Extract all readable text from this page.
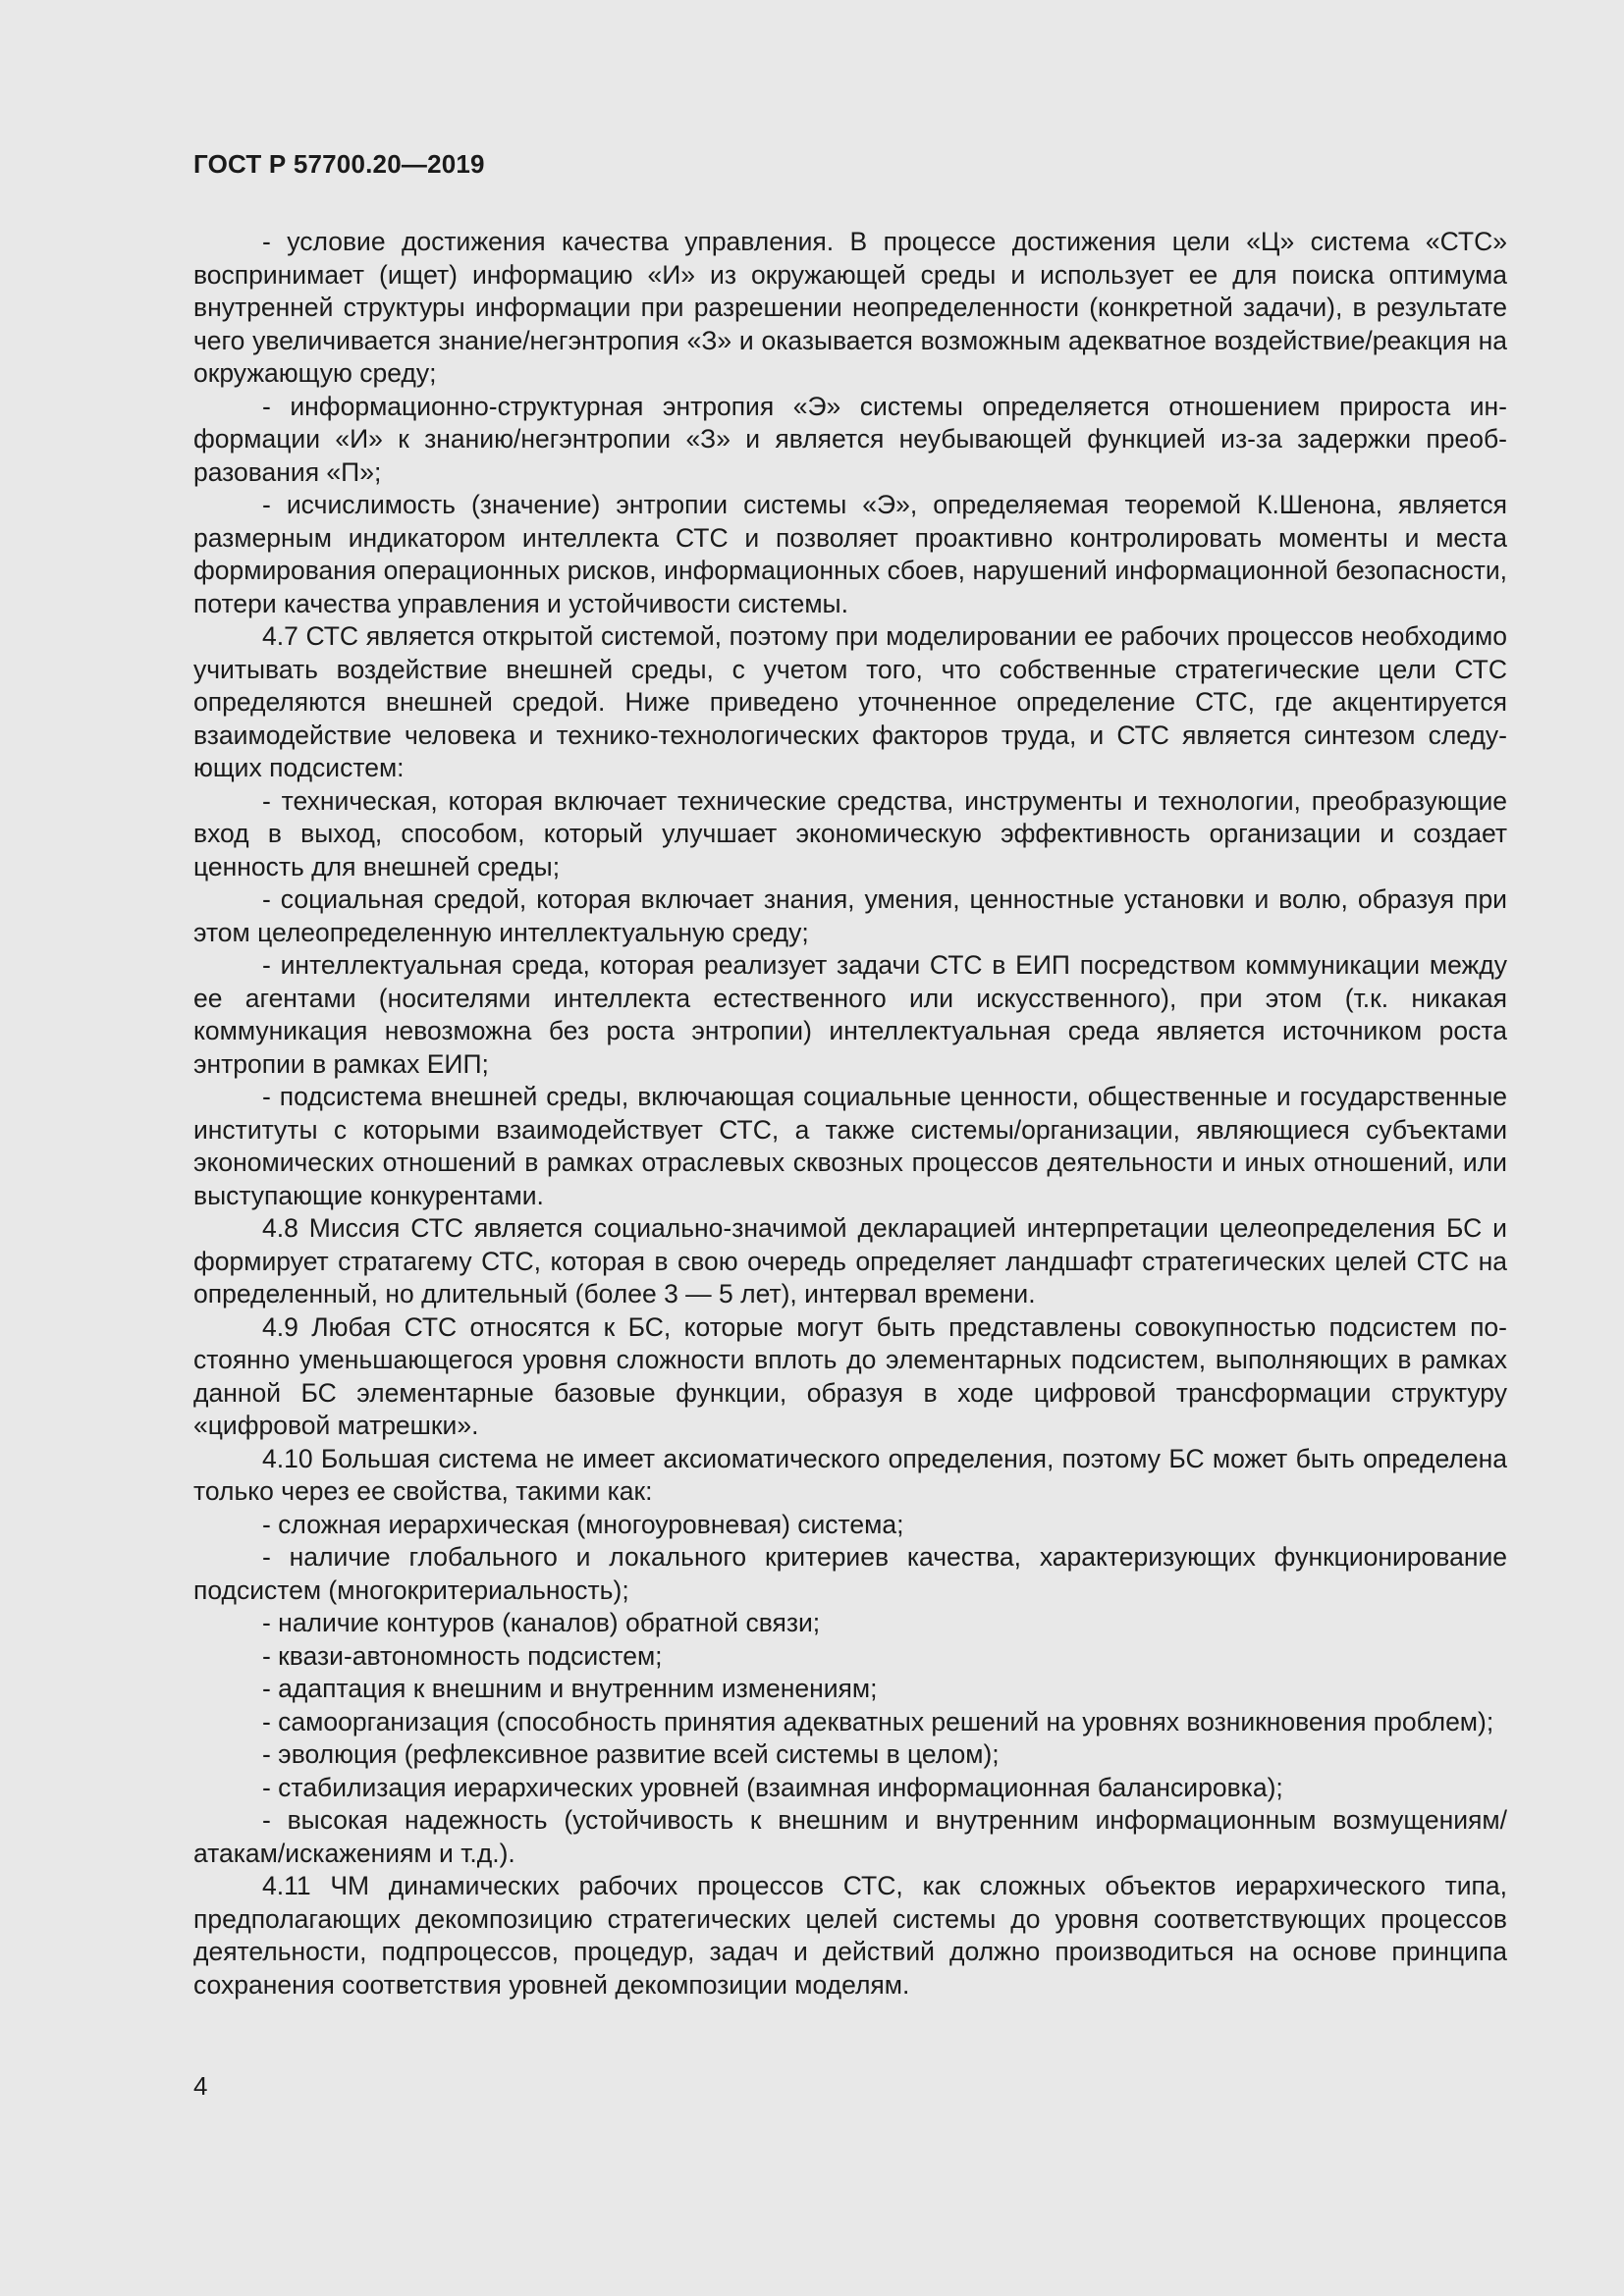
ГОСТ Р 57700.20—2019

- условие достижения качества управления. В процессе достижения цели «Ц» система «СТС» воспринимает (ищет) информацию «И» из окружающей среды и использует ее для поиска оптимума внутренней структуры информации при разрешении неопределенности (конкретной задачи), в результате чего увеличивается знание/негэнтропия «З» и оказывается возможным адекватное воздействие/реакция на окружающую среду;

- информационно-структурная энтропия «Э» системы определяется отношением прироста информации «И» к знанию/негэнтропии «З» и является неубывающей функцией из-за задержки преобразования «П»;

- исчислимость (значение) энтропии системы «Э», определяемая теоремой К.Шенона, является размерным индикатором интеллекта СТС и позволяет проактивно контролировать моменты и места формирования операционных рисков, информационных сбоев, нарушений информационной безопасности, потери качества управления и устойчивости системы.

4.7 СТС является открытой системой, поэтому при моделировании ее рабочих процессов необходимо учитывать воздействие внешней среды, с учетом того, что собственные стратегические цели СТС определяются внешней средой. Ниже приведено уточненное определение СТС, где акцентируется взаимодействие человека и технико-технологических факторов труда, и СТС является синтезом следующих подсистем:

- техническая, которая включает технические средства, инструменты и технологии, преобразующие вход в выход, способом, который улучшает экономическую эффективность организации и создает ценность для внешней среды;

- социальная средой, которая включает знания, умения, ценностные установки и волю, образуя при этом целеопределенную интеллектуальную среду;

- интеллектуальная среда, которая реализует задачи СТС в ЕИП посредством коммуникации между ее агентами (носителями интеллекта естественного или искусственного), при этом (т.к. никакая коммуникация невозможна без роста энтропии) интеллектуальная среда является источником роста энтропии в рамках ЕИП;

- подсистема внешней среды, включающая социальные ценности, общественные и государственные институты с которыми взаимодействует СТС, а также системы/организации, являющиеся субъектами экономических отношений в рамках отраслевых сквозных процессов деятельности и иных отношений, или выступающие конкурентами.

4.8 Миссия СТС является социально-значимой декларацией интерпретации целеопределения БС и формирует стратагему СТС, которая в свою очередь определяет ландшафт стратегических целей СТС на определенный, но длительный (более 3 — 5 лет), интервал времени.

4.9 Любая СТС относятся к БС, которые могут быть представлены совокупностью подсистем постоянно уменьшающегося уровня сложности вплоть до элементарных подсистем, выполняющих в рамках данной БС элементарные базовые функции, образуя в ходе цифровой трансформации структуру «цифровой матрешки».

4.10 Большая система не имеет аксиоматического определения, поэтому БС может быть определена только через ее свойства, такими как:

- сложная иерархическая (многоуровневая) система;

- наличие глобального и локального критериев качества, характеризующих функционирование подсистем (многокритериальность);

- наличие контуров (каналов) обратной связи;

- квази-автономность подсистем;

- адаптация к внешним и внутренним изменениям;

- самоорганизация (способность принятия адекватных решений на уровнях возникновения проблем);

- эволюция (рефлексивное развитие всей системы в целом);

- стабилизация иерархических уровней (взаимная информационная балансировка);

- высокая надежность (устойчивость к внешним и внутренним информационным возмущениям/атакам/искажениям и т.д.).

4.11 ЧМ динамических рабочих процессов СТС, как сложных объектов иерархического типа, предполагающих декомпозицию стратегических целей системы до уровня соответствующих процессов деятельности, подпроцессов, процедур, задач и действий должно производиться на основе принципа сохранения соответствия уровней декомпозиции моделям.

4
